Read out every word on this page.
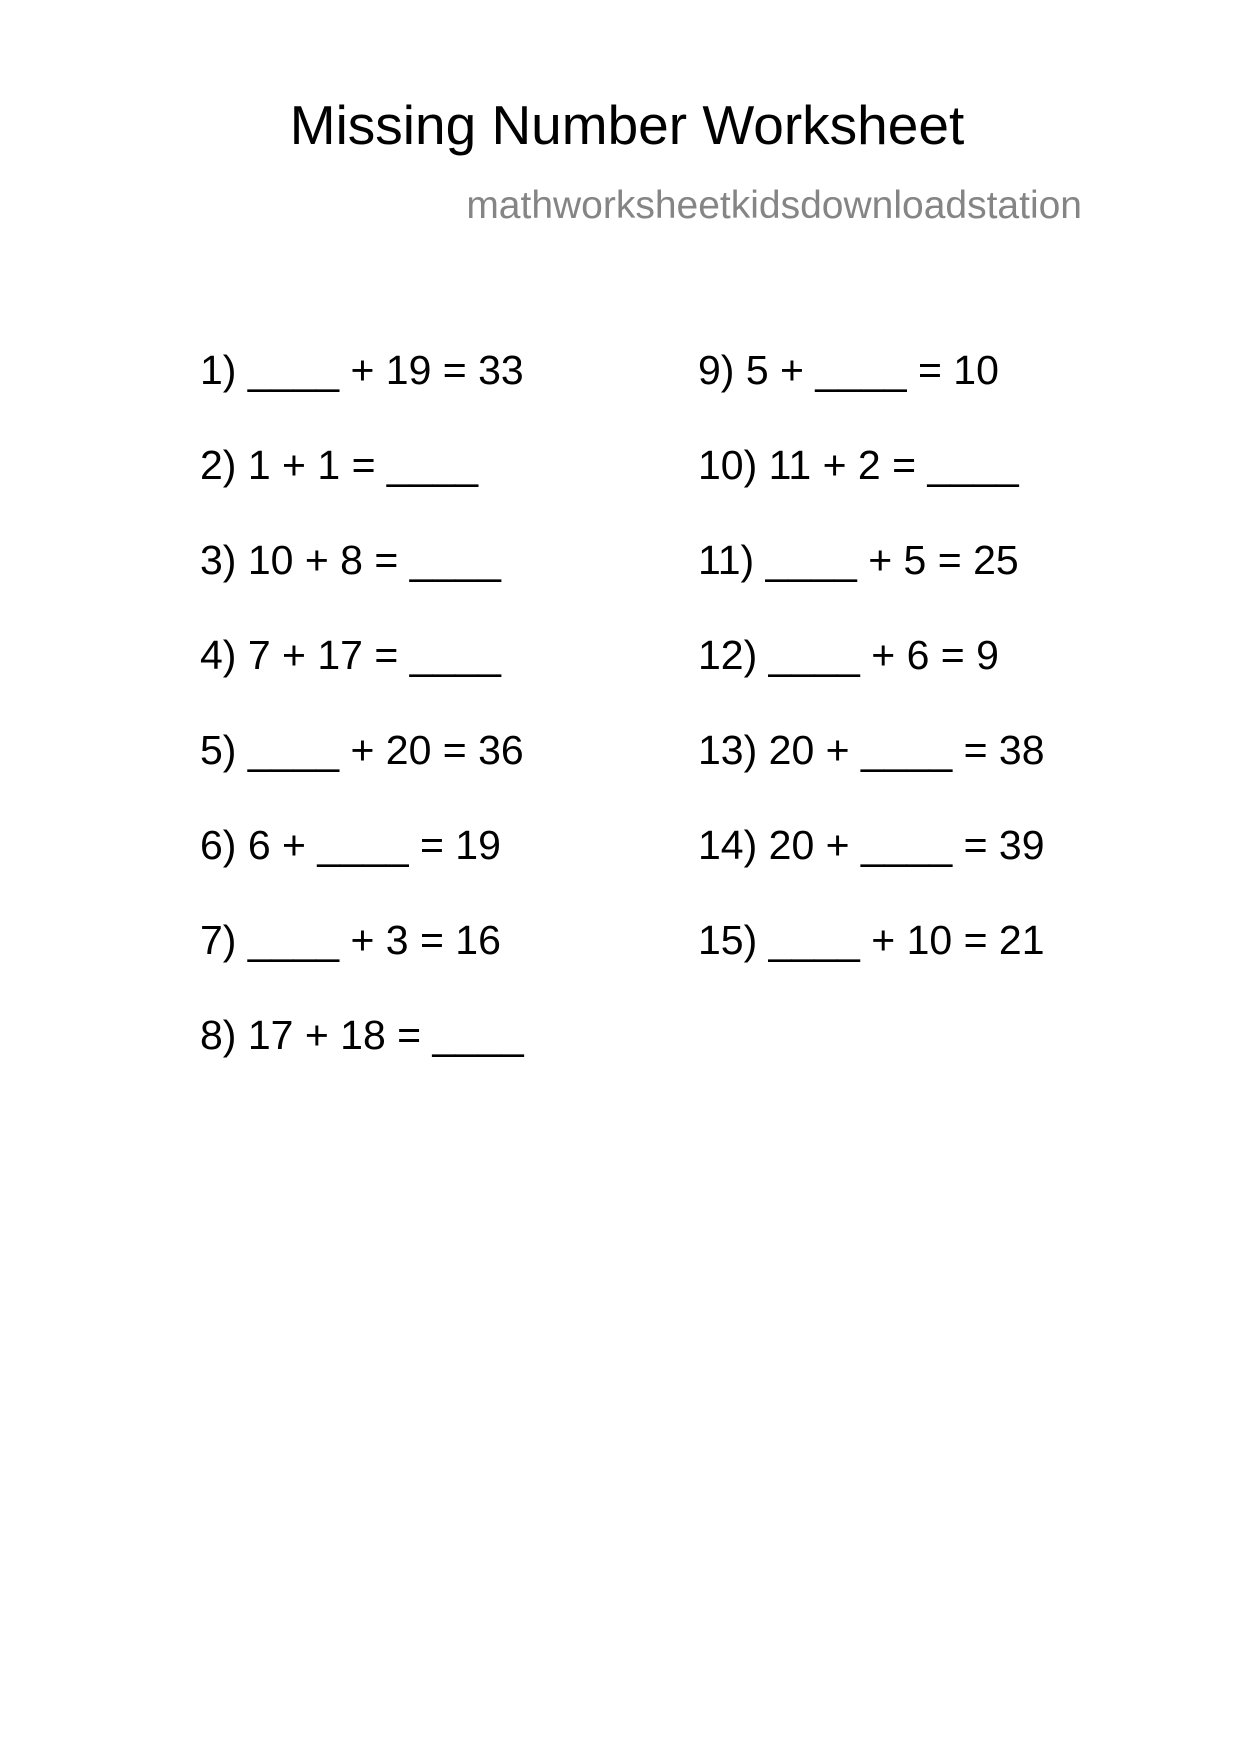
Missing Number Worksheet
mathworksheetkidsdownloadstation
1) ____ + 19 = 33
2) 1 + 1 = ____
3) 10 + 8 = ____
4) 7 + 17 = ____
5) ____ + 20 = 36
6) 6 + ____ = 19
7) ____ + 3 = 16
8) 17 + 18 = ____
9) 5 + ____ = 10
10) 11 + 2 = ____
11) ____ + 5 = 25
12) ____ + 6 = 9
13) 20 + ____ = 38
14) 20 + ____ = 39
15) ____ + 10 = 21
